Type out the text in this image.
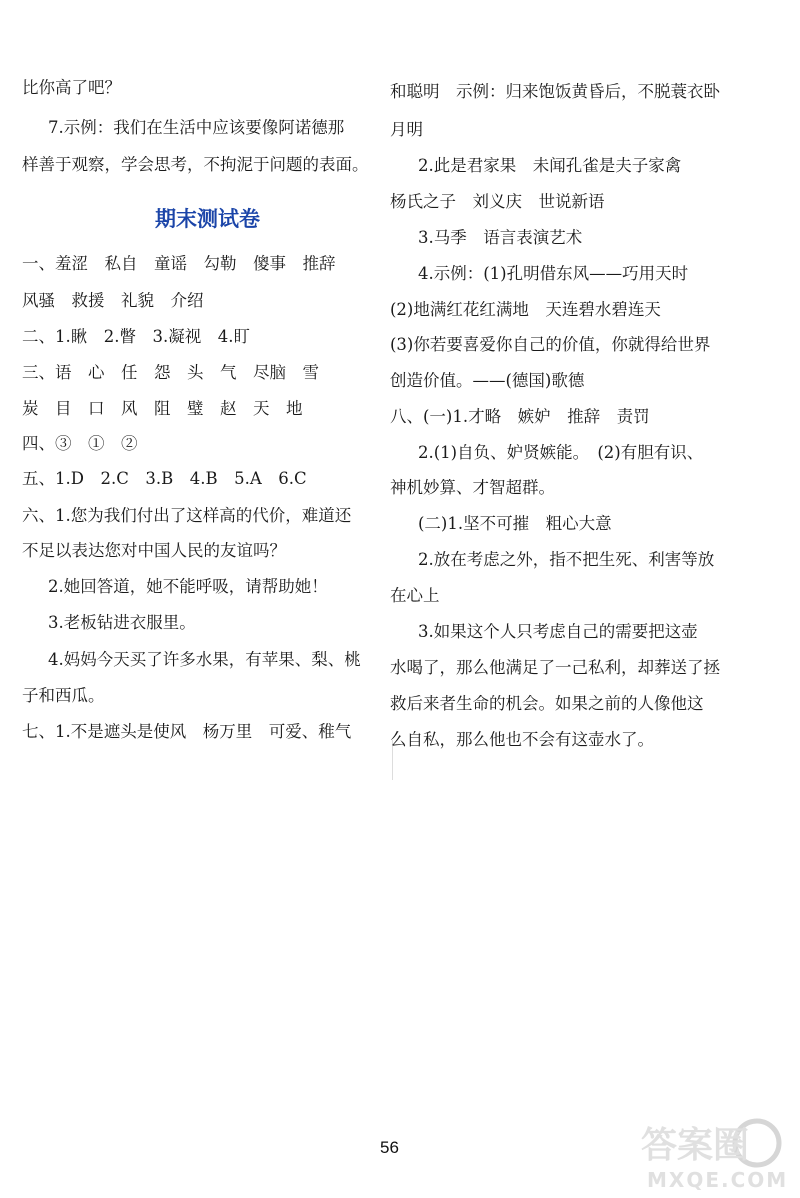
比你高了吧？
7.示例：我们在生活中应该要像阿诺德那
样善于观察，学会思考，不拘泥于问题的表面。
期末测试卷
一、羞涩　私自　童谣　勾勒　傻事　推辞
风骚　救援　礼貌　介绍
二、1.瞅　2.瞥　3.凝视　4.盯
三、语　心　任　怨　头　气　尽脑　雪
炭　目　口　风　阻　璧　赵　天　地
四、③　①　②
五、1.D　2.C　3.B　4.B　5.A　6.C
六、1.您为我们付出了这样高的代价，难道还
不足以表达您对中国人民的友谊吗？
2.她回答道，她不能呼吸，请帮助她！
3.老板钻进衣服里。
4.妈妈今天买了许多水果，有苹果、梨、桃
子和西瓜。
七、1.不是遮头是使风　杨万里　可爱、稚气
和聪明　示例：归来饱饭黄昏后，不脱蓑衣卧
月明
2.此是君家果　未闻孔雀是夫子家禽
杨氏之子　刘义庆　世说新语
3.马季　语言表演艺术
4.示例：(1)孔明借东风——巧用天时
(2)地满红花红满地　天连碧水碧连天
(3)你若要喜爱你自己的价值，你就得给世界
创造价值。——(德国)歌德
八、(一)1.才略　嫉妒　推辞　责罚
2.(1)自负、妒贤嫉能。　(2)有胆有识、
神机妙算、才智超群。
(二)1.坚不可摧　粗心大意
2.放在考虑之外，指不把生死、利害等放
在心上
3.如果这个人只考虑自己的需要把这壶
水喝了，那么他满足了一己私利，却葬送了拯
救后来者生命的机会。如果之前的人像他这
么自私，那么他也不会有这壶水了。
56	答案圈
MXQE.COM
